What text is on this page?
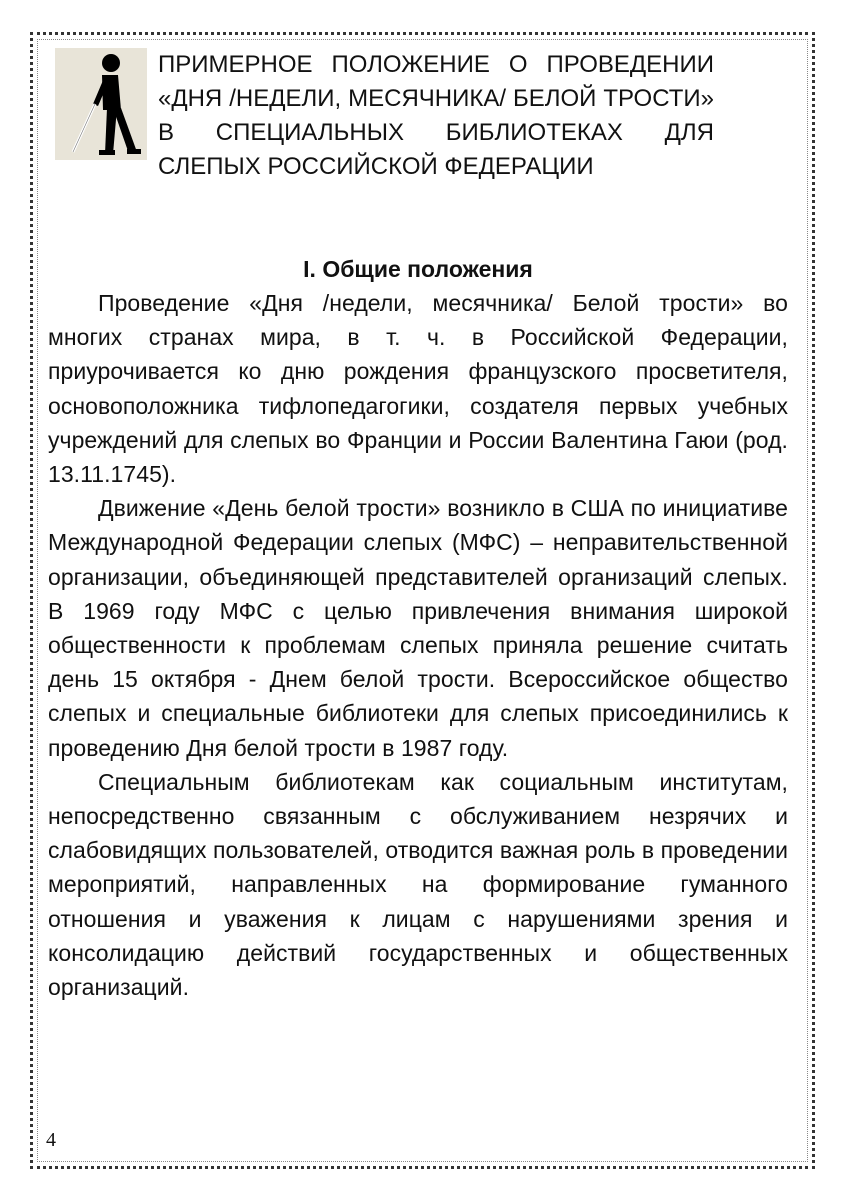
ПРИМЕРНОЕ ПОЛОЖЕНИЕ О ПРОВЕДЕНИИ «ДНЯ /НЕДЕЛИ, МЕСЯЧНИКА/ БЕЛОЙ ТРОСТИ» В СПЕЦИАЛЬНЫХ БИБЛИОТЕКАХ ДЛЯ СЛЕПЫХ РОССИЙСКОЙ ФЕДЕРАЦИИ
I. Общие положения

Проведение «Дня /недели, месячника/ Белой трости» во многих странах мира, в т. ч. в Российской Федерации, приурочивается ко дню рождения французского просветителя, основоположника тифлопедагогики, создателя первых учебных учреждений для слепых во Франции и России Валентина Гаюи (род. 13.11.1745).

Движение «День белой трости» возникло в США по инициативе Международной Федерации слепых (МФС) – неправительственной организации, объединяющей представителей организаций слепых. В 1969 году МФС с целью привлечения внимания широкой общественности к проблемам слепых приняла решение считать день 15 октября - Днем белой трости. Всероссийское общество слепых и специальные библиотеки для слепых присоединились к проведению Дня белой трости в 1987 году.

Специальным библиотекам как социальным институтам, непосредственно связанным с обслуживанием незрячих и слабовидящих пользователей, отводится важная роль в проведении мероприятий, направленных на формирование гуманного отношения и уважения к лицам с нарушениями зрения и консолидацию действий государственных и общественных организаций.

4
